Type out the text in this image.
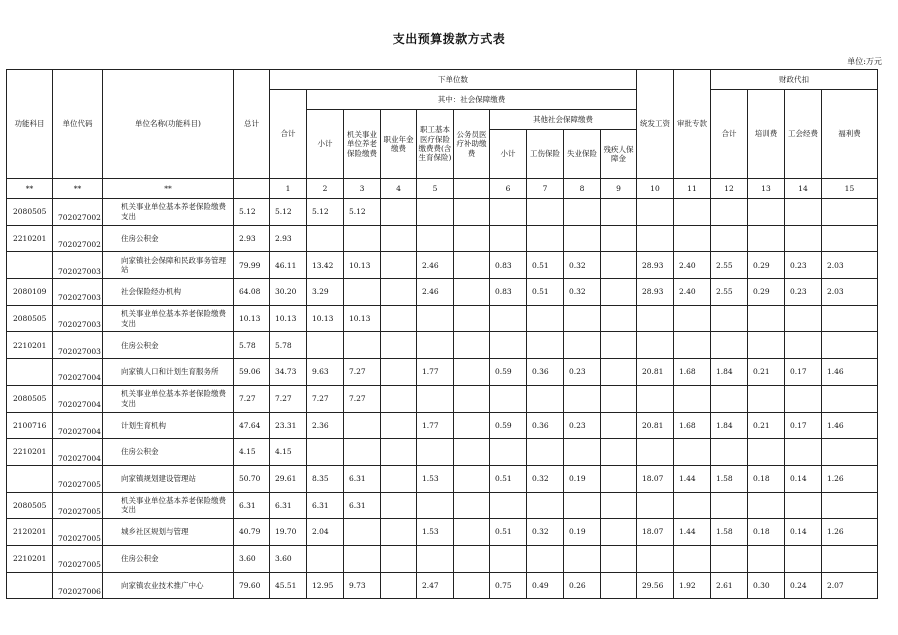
支出预算拨款方式表
单位:万元
功能科目	单位代码	单位名称(功能科目)	总计	下单位数										统发工资	审批专款	财政代扣			
				合计	其中：社会保障缴费											合计	培训费	工会经费	福利费
					小计	机关事业单位养老保险缴费	职业年金缴费	职工基本医疗保险缴费费(含生育保险)	公务员医疗补助缴费	其他社会保障缴费									
										小计	工伤保险	失业保险	残疾人保障金						
**	**	**		1	2	3	4	5		6	7	8	9	10	11	12	13	14	15
2080505	702027002	机关事业单位基本养老保险缴费支出	5.12	5.12	5.12	5.12													
2210201	702027002	住房公积金	2.93	2.93															
	702027003	向家镇社会保障和民政事务管理站	79.99	46.11	13.42	10.13		2.46		0.83	0.51	0.32		28.93	2.40	2.55	0.29	0.23	2.03
2080109	702027003	社会保险经办机构	64.08	30.20	3.29			2.46		0.83	0.51	0.32		28.93	2.40	2.55	0.29	0.23	2.03
2080505	702027003	机关事业单位基本养老保险缴费支出	10.13	10.13	10.13	10.13													
2210201	702027003	住房公积金	5.78	5.78															
	702027004	向家镇人口和计划生育服务所	59.06	34.73	9.63	7.27		1.77		0.59	0.36	0.23		20.81	1.68	1.84	0.21	0.17	1.46
2080505	702027004	机关事业单位基本养老保险缴费支出	7.27	7.27	7.27	7.27													
2100716	702027004	计划生育机构	47.64	23.31	2.36			1.77		0.59	0.36	0.23		20.81	1.68	1.84	0.21	0.17	1.46
2210201	702027004	住房公积金	4.15	4.15															
	702027005	向家镇规划建设管理站	50.70	29.61	8.35	6.31		1.53		0.51	0.32	0.19		18.07	1.44	1.58	0.18	0.14	1.26
2080505	702027005	机关事业单位基本养老保险缴费支出	6.31	6.31	6.31	6.31													
2120201	702027005	城乡社区规划与管理	40.79	19.70	2.04			1.53		0.51	0.32	0.19		18.07	1.44	1.58	0.18	0.14	1.26
2210201	702027005	住房公积金	3.60	3.60															
	702027006	向家镇农业技术推广中心	79.60	45.51	12.95	9.73		2.47		0.75	0.49	0.26		29.56	1.92	2.61	0.30	0.24	2.07
